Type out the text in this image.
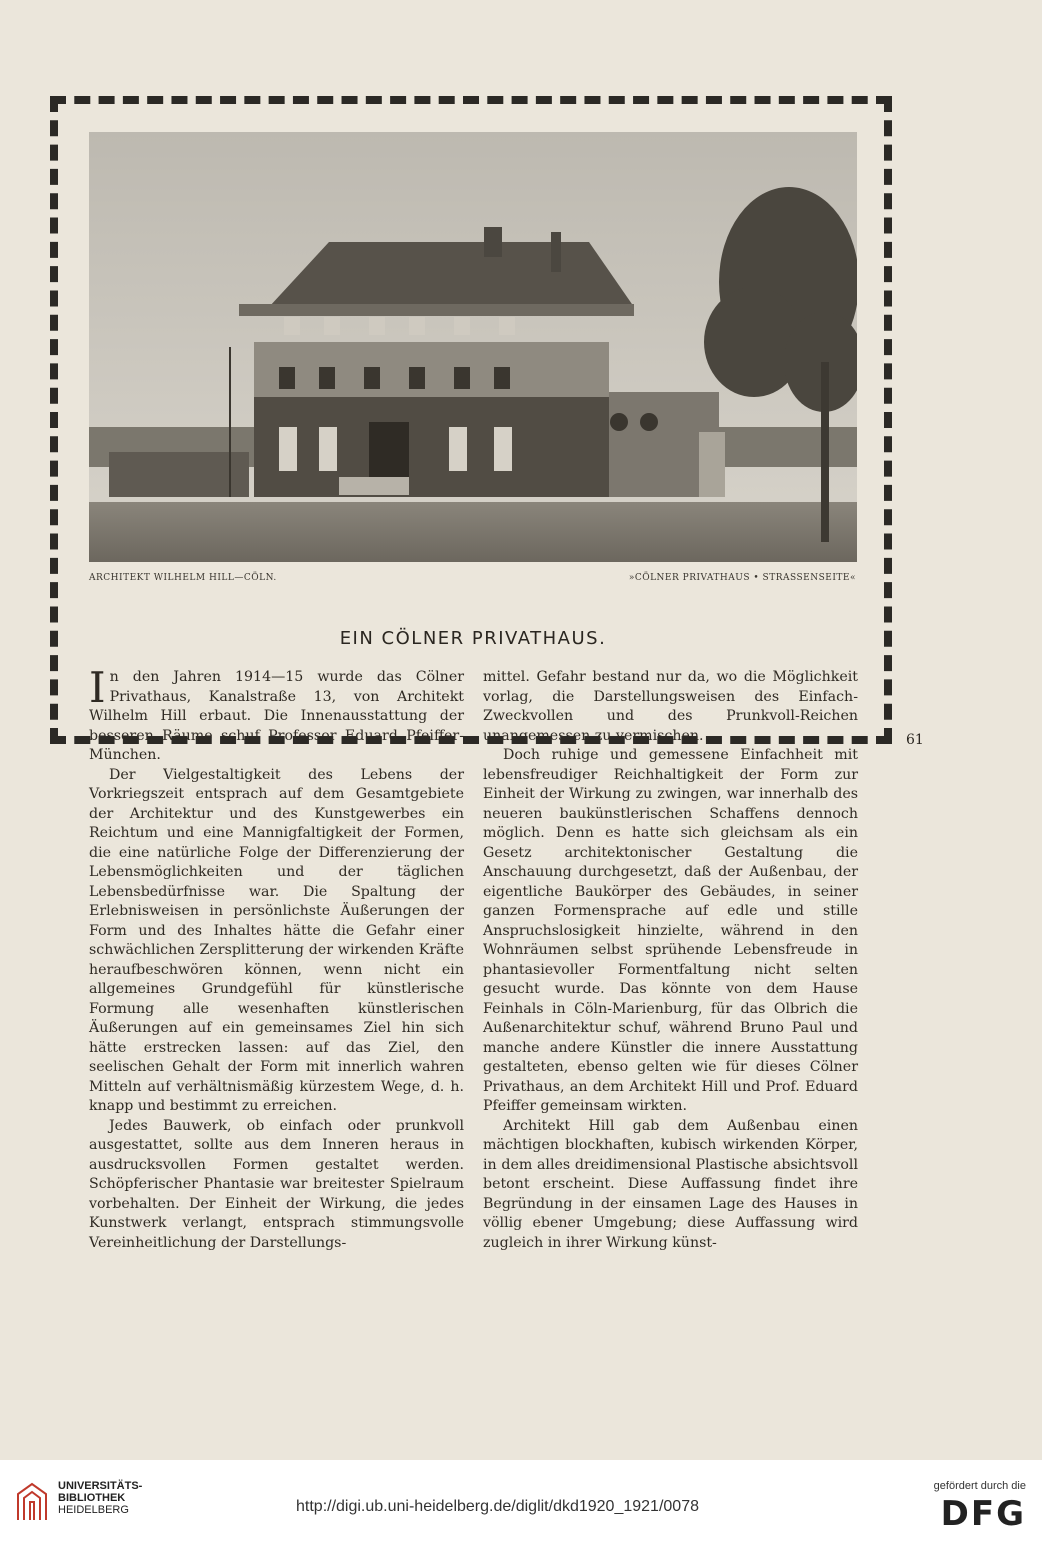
ARCHITEKT WILHELM HILL—CÖLN.	»CÖLNER PRIVATHAUS • STRASSENSEITE«
EIN CÖLNER PRIVATHAUS.

In den Jahren 1914—15 wurde das Cölner Privathaus, Kanalstraße 13, von Architekt Wilhelm Hill erbaut. Die Innenausstattung der besseren Räume schuf Professor Eduard Pfeiffer-München.

Der Vielgestaltigkeit des Lebens der Vorkriegszeit entsprach auf dem Gesamtgebiete der Architektur und des Kunstgewerbes ein Reichtum und eine Mannigfaltigkeit der Formen, die eine natürliche Folge der Differenzierung der Lebensmöglichkeiten und der täglichen Lebensbedürfnisse war. Die Spaltung der Erlebnisweisen in persönlichste Äußerungen der Form und des Inhaltes hätte die Gefahr einer schwächlichen Zersplitterung der wirkenden Kräfte heraufbeschwören können, wenn nicht ein allgemeines Grundgefühl für künstlerische Formung alle wesenhaften künstlerischen Äußerungen auf ein gemeinsames Ziel hin sich hätte erstrecken lassen: auf das Ziel, den seelischen Gehalt der Form mit innerlich wahren Mitteln auf verhältnismäßig kürzestem Wege, d. h. knapp und bestimmt zu erreichen.

Jedes Bauwerk, ob einfach oder prunkvoll ausgestattet, sollte aus dem Inneren heraus in ausdrucksvollen Formen gestaltet werden. Schöpferischer Phantasie war breitester Spielraum vorbehalten. Der Einheit der Wirkung, die jedes Kunstwerk verlangt, entsprach stimmungsvolle Vereinheitlichung der Darstellungs-

mittel. Gefahr bestand nur da, wo die Möglichkeit vorlag, die Darstellungsweisen des Einfach-Zweckvollen und des Prunkvoll-Reichen unangemessen zu vermischen.

Doch ruhige und gemessene Einfachheit mit lebensfreudiger Reichhaltigkeit der Form zur Einheit der Wirkung zu zwingen, war innerhalb des neueren baukünstlerischen Schaffens dennoch möglich. Denn es hatte sich gleichsam als ein Gesetz architektonischer Gestaltung die Anschauung durchgesetzt, daß der Außenbau, der eigentliche Baukörper des Gebäudes, in seiner ganzen Formensprache auf edle und stille Anspruchslosigkeit hinzielte, während in den Wohnräumen selbst sprühende Lebensfreude in phantasievoller Formentfaltung nicht selten gesucht wurde. Das könnte von dem Hause Feinhals in Cöln-Marienburg, für das Olbrich die Außenarchitektur schuf, während Bruno Paul und manche andere Künstler die innere Ausstattung gestalteten, ebenso gelten wie für dieses Cölner Privathaus, an dem Architekt Hill und Prof. Eduard Pfeiffer gemeinsam wirkten.

Architekt Hill gab dem Außenbau einen mächtigen blockhaften, kubisch wirkenden Körper, in dem alles dreidimensional Plastische absichtsvoll betont erscheint. Diese Auffassung findet ihre Begründung in der einsamen Lage des Hauses in völlig ebener Umgebung; diese Auffassung wird zugleich in ihrer Wirkung künst-

61
UNIVERSITÄTS-
BIBLIOTHEK
HEIDELBERG	http://digi.ub.uni-heidelberg.de/diglit/dkd1920_1921/0078
gefördert durch die
DFG
